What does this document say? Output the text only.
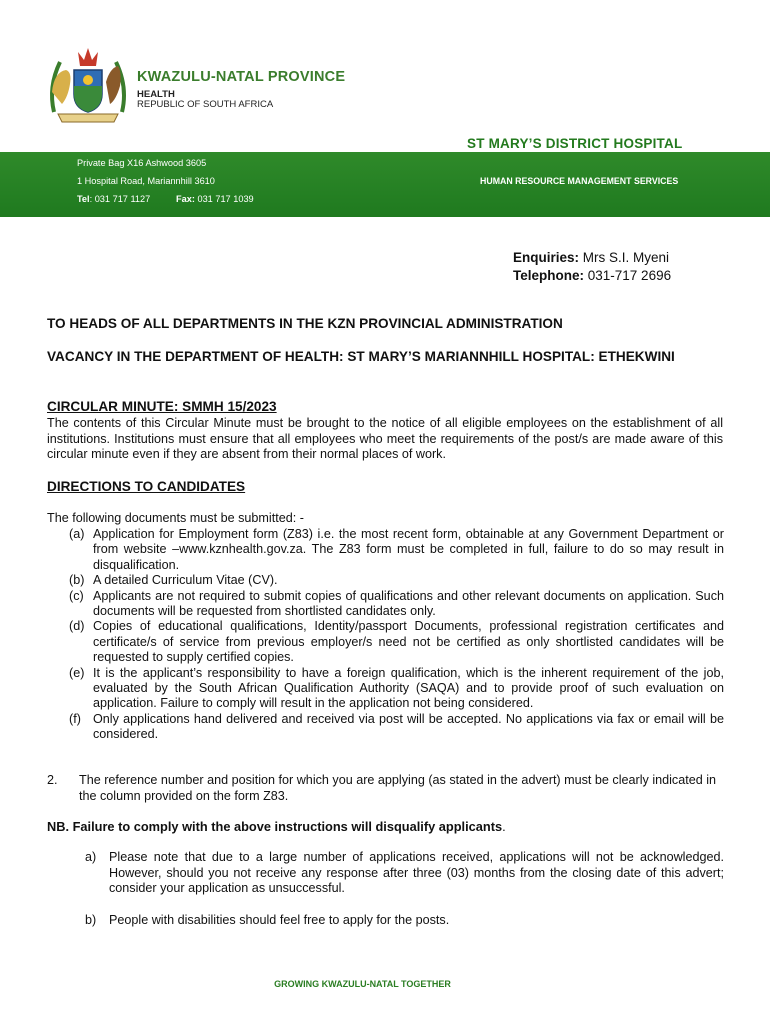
KWAZULU-NATAL PROVINCE
HEALTH
REPUBLIC OF SOUTH AFRICA
ST MARY’S DISTRICT HOSPITAL
Private Bag X16 Ashwood 3605
1 Hospital Road, Mariannhill 3610
Tel: 031 717 1127	Fax: 031 717 1039
HUMAN RESOURCE MANAGEMENT SERVICES
Enquiries: Mrs S.I. Myeni
Telephone: 031-717 2696
TO HEADS OF ALL DEPARTMENTS IN THE KZN PROVINCIAL ADMINISTRATION
VACANCY IN THE DEPARTMENT OF HEALTH: ST MARY’S MARIANNHILL HOSPITAL: ETHEKWINI
CIRCULAR MINUTE: SMMH 15/2023
The contents of this Circular Minute must be brought to the notice of all eligible employees on the establishment of all institutions. Institutions must ensure that all employees who meet the requirements of the post/s are made aware of this circular minute even if they are absent from their normal places of work.
DIRECTIONS TO CANDIDATES
The following documents must be submitted: -
(a) Application for Employment form (Z83) i.e. the most recent form, obtainable at any Government Department or from website –www.kznhealth.gov.za. The Z83 form must be completed in full, failure to do so may result in disqualification.
(b) A detailed Curriculum Vitae (CV).
(c) Applicants are not required to submit copies of qualifications and other relevant documents on application. Such documents will be requested from shortlisted candidates only.
(d) Copies of educational qualifications, Identity/passport Documents, professional registration certificates and certificate/s of service from previous employer/s need not be certified as only shortlisted candidates will be requested to supply certified copies.
(e) It is the applicant’s responsibility to have a foreign qualification, which is the inherent requirement of the job, evaluated by the South African Qualification Authority (SAQA) and to provide proof of such evaluation on application. Failure to comply will result in the application not being considered.
(f) Only applications hand delivered and received via post will be accepted. No applications via fax or email will be considered.
2.	The reference number and position for which you are applying (as stated in the advert) must be clearly indicated in the column provided on the form Z83.
NB. Failure to comply with the above instructions will disqualify applicants.
a) Please note that due to a large number of applications received, applications will not be acknowledged. However, should you not receive any response after three (03) months from the closing date of this advert; consider your application as unsuccessful.
b) People with disabilities should feel free to apply for the posts.
GROWING KWAZULU-NATAL TOGETHER
